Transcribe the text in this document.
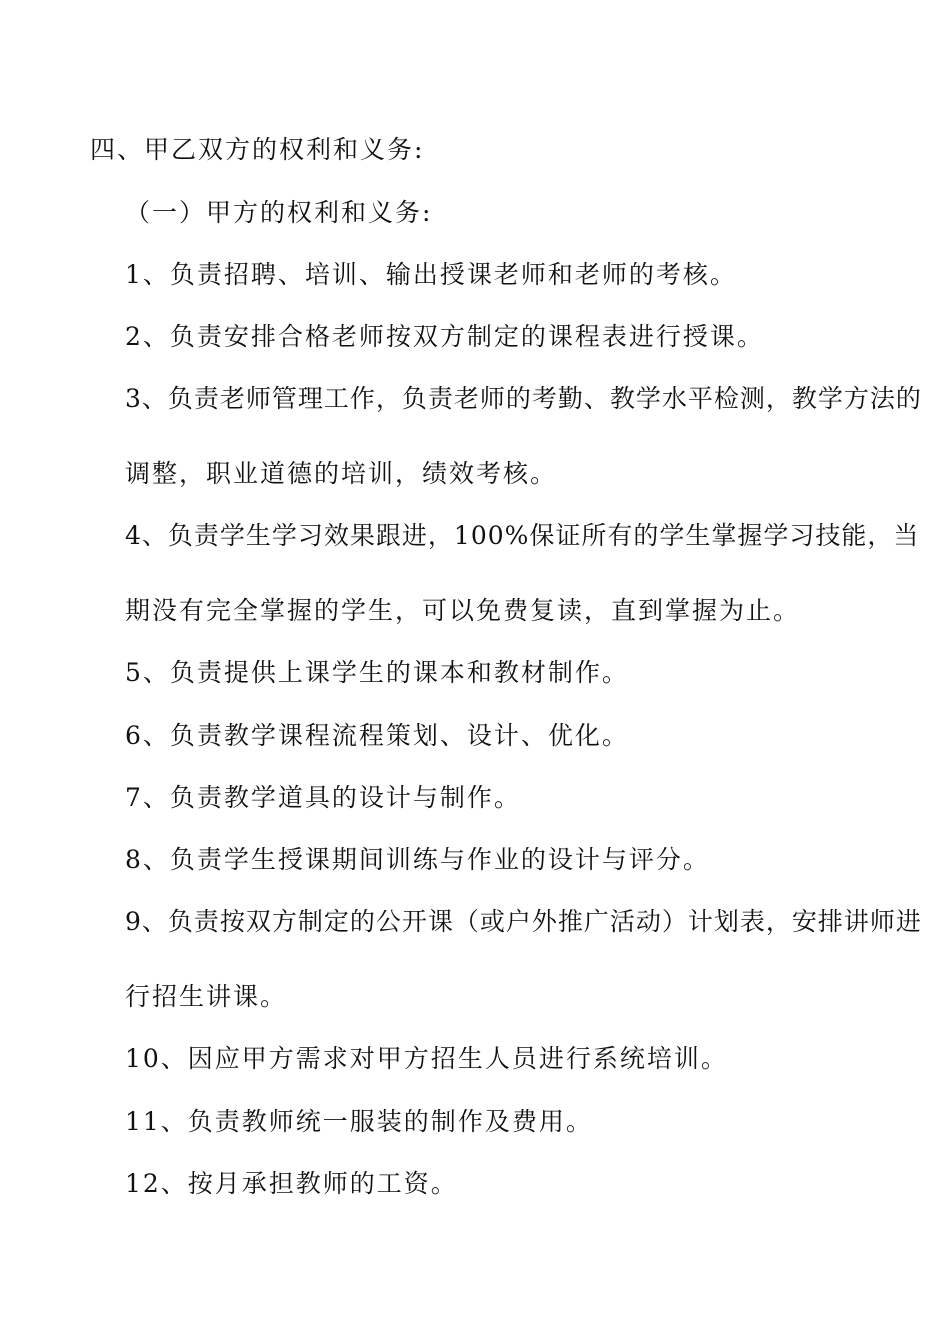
四、甲乙双方的权利和义务:
（一）甲方的权利和义务:
1、负责招聘、培训、输出授课老师和老师的考核。
2、负责安排合格老师按双方制定的课程表进行授课。
3、负责老师管理工作，负责老师的考勤、教学水平检测，教学方法的
调整，职业道德的培训，绩效考核。
4、负责学生学习效果跟进，100%保证所有的学生掌握学习技能，当
期没有完全掌握的学生，可以免费复读，直到掌握为止。
5、负责提供上课学生的课本和教材制作。
6、负责教学课程流程策划、设计、优化。
7、负责教学道具的设计与制作。
8、负责学生授课期间训练与作业的设计与评分。
9、负责按双方制定的公开课（或户外推广活动）计划表，安排讲师进
行招生讲课。
10、因应甲方需求对甲方招生人员进行系统培训。
11、负责教师统一服装的制作及费用。
12、按月承担教师的工资。
